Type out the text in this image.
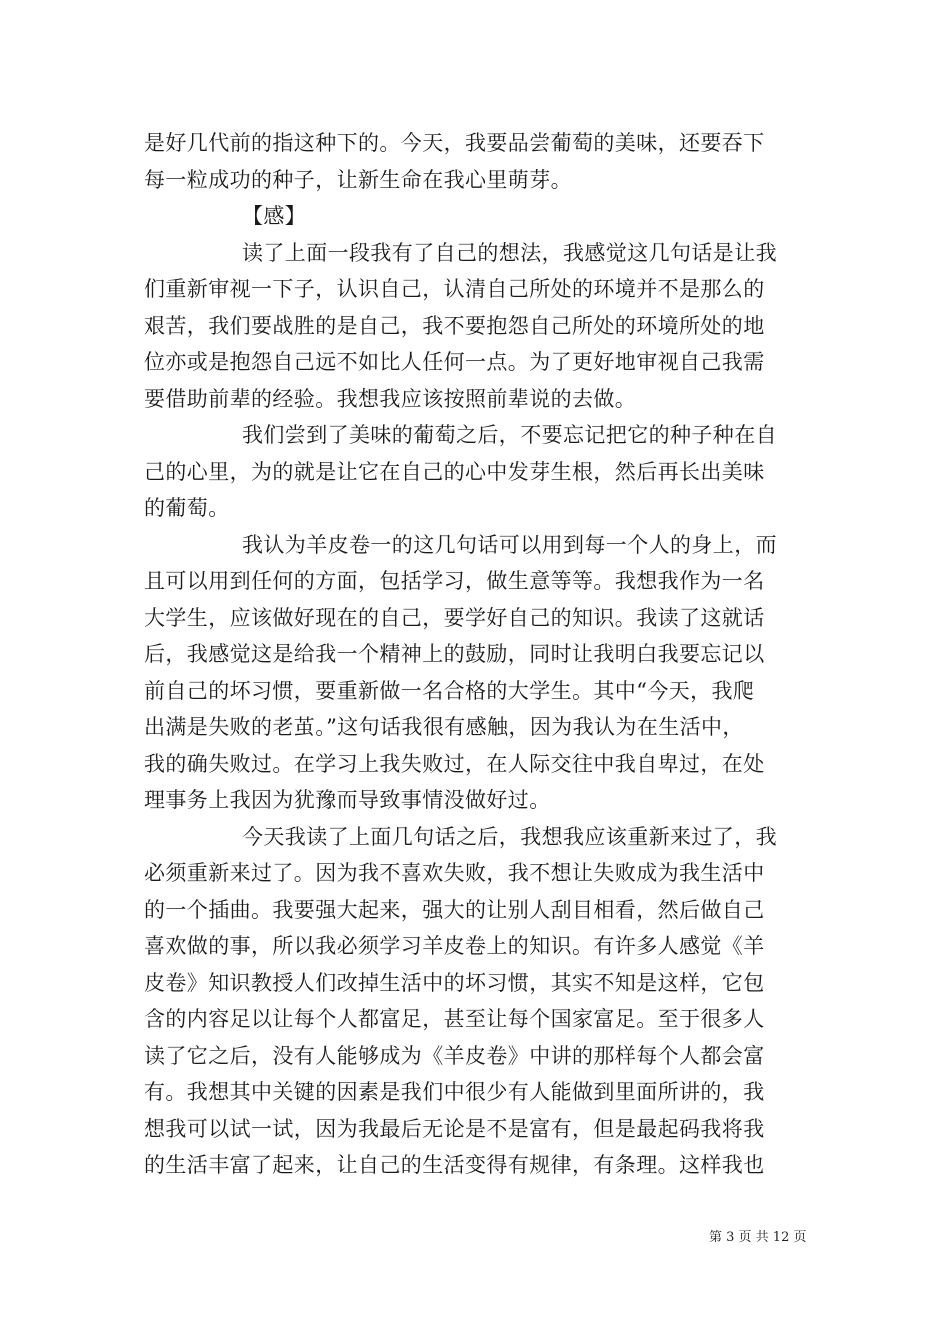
是好几代前的指这种下的。今天，我要品尝葡萄的美味，还要吞下
每一粒成功的种子，让新生命在我心里萌芽。
【感】
读了上面一段我有了自己的想法，我感觉这几句话是让我
们重新审视一下子，认识自己，认清自己所处的环境并不是那么的
艰苦，我们要战胜的是自己，我不要抱怨自己所处的环境所处的地
位亦或是抱怨自己远不如比人任何一点。为了更好地审视自己我需
要借助前辈的经验。我想我应该按照前辈说的去做。
我们尝到了美味的葡萄之后，不要忘记把它的种子种在自
己的心里，为的就是让它在自己的心中发芽生根，然后再长出美味
的葡萄。
我认为羊皮卷一的这几句话可以用到每一个人的身上，而
且可以用到任何的方面，包括学习，做生意等等。我想我作为一名
大学生，应该做好现在的自己，要学好自己的知识。我读了这就话
后，我感觉这是给我一个精神上的鼓励，同时让我明白我要忘记以
前自己的坏习惯，要重新做一名合格的大学生。其中“今天，我爬
出满是失败的老茧。”这句话我很有感触，因为我认为在生活中，
我的确失败过。在学习上我失败过，在人际交往中我自卑过，在处
理事务上我因为犹豫而导致事情没做好过。
今天我读了上面几句话之后，我想我应该重新来过了，我
必须重新来过了。因为我不喜欢失败，我不想让失败成为我生活中
的一个插曲。我要强大起来，强大的让别人刮目相看，然后做自己
喜欢做的事，所以我必须学习羊皮卷上的知识。有许多人感觉《羊
皮卷》知识教授人们改掉生活中的坏习惯，其实不知是这样，它包
含的内容足以让每个人都富足，甚至让每个国家富足。至于很多人
读了它之后，没有人能够成为《羊皮卷》中讲的那样每个人都会富
有。我想其中关键的因素是我们中很少有人能做到里面所讲的，我
想我可以试一试，因为我最后无论是不是富有，但是最起码我将我
的生活丰富了起来，让自己的生活变得有规律，有条理。这样我也
第 3 页 共 12 页
